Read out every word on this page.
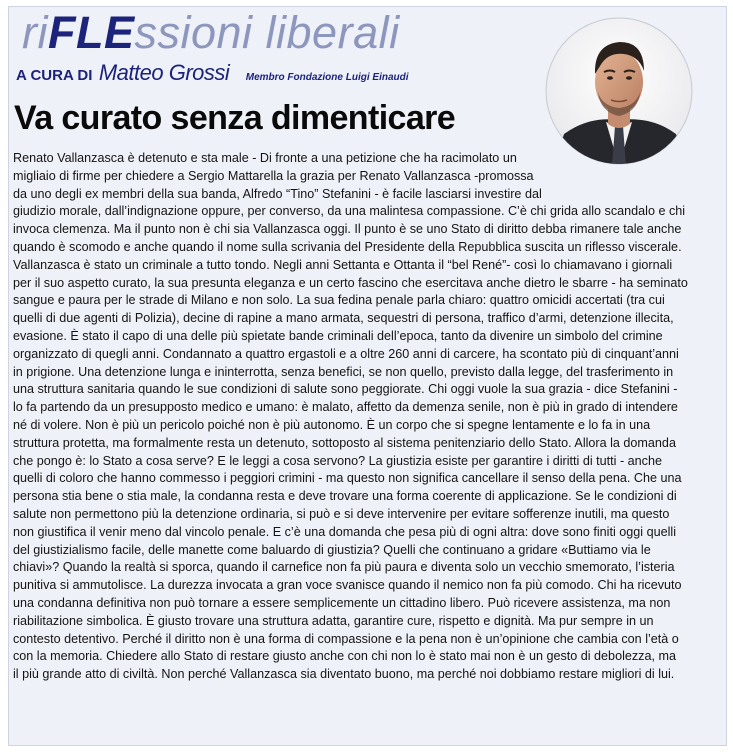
riFLEssioni liberali
A CURA DI Matteo Grossi Membro Fondazione Luigi Einaudi
Va curato senza dimenticare
Renato Vallanzasca è detenuto e sta male - Di fronte a una petizione che ha racimolato un
migliaio di firme per chiedere a Sergio Mattarella la grazia per Renato Vallanzasca -promossa
da uno degli ex membri della sua banda, Alfredo “Tino” Stefanini - è facile lasciarsi investire dal
giudizio morale, dall’indignazione oppure, per converso, da una malintesa compassione. C’è chi grida allo scandalo e chi
invoca clemenza. Ma il punto non è chi sia Vallanzasca oggi. Il punto è se uno Stato di diritto debba rimanere tale anche
quando è scomodo e anche quando il nome sulla scrivania del Presidente della Repubblica suscita un riflesso viscerale.
Vallanzasca è stato un criminale a tutto tondo. Negli anni Settanta e Ottanta il “bel René”- così lo chiamavano i giornali
per il suo aspetto curato, la sua presunta eleganza e un certo fascino che esercitava anche dietro le sbarre - ha seminato
sangue e paura per le strade di Milano e non solo. La sua fedina penale parla chiaro: quattro omicidi accertati (tra cui
quelli di due agenti di Polizia), decine di rapine a mano armata, sequestri di persona, traffico d’armi, detenzione illecita,
evasione. È stato il capo di una delle più spietate bande criminali dell’epoca, tanto da divenire un simbolo del crimine
organizzato di quegli anni. Condannato a quattro ergastoli e a oltre 260 anni di carcere, ha scontato più di cinquant’anni
in prigione. Una detenzione lunga e ininterrotta, senza benefici, se non quello, previsto dalla legge, del trasferimento in
una struttura sanitaria quando le sue condizioni di salute sono peggiorate. Chi oggi vuole la sua grazia - dice Stefanini -
lo fa partendo da un presupposto medico e umano: è malato, affetto da demenza senile, non è più in grado di intendere
né di volere. Non è più un pericolo poiché non è più autonomo. È un corpo che si spegne lentamente e lo fa in una
struttura protetta, ma formalmente resta un detenuto, sottoposto al sistema penitenziario dello Stato. Allora la domanda
che pongo è: lo Stato a cosa serve? E le leggi a cosa servono? La giustizia esiste per garantire i diritti di tutti - anche
quelli di coloro che hanno commesso i peggiori crimini - ma questo non significa cancellare il senso della pena. Che una
persona stia bene o stia male, la condanna resta e deve trovare una forma coerente di applicazione. Se le condizioni di
salute non permettono più la detenzione ordinaria, si può e si deve intervenire per evitare sofferenze inutili, ma questo
non giustifica il venir meno dal vincolo penale. E c’è una domanda che pesa più di ogni altra: dove sono finiti oggi quelli
del giustizialismo facile, delle manette come baluardo di giustizia? Quelli che continuano a gridare «Buttiamo via le
chiavi»? Quando la realtà si sporca, quando il carnefice non fa più paura e diventa solo un vecchio smemorato, l’isteria
punitiva si ammutolisce. La durezza invocata a gran voce svanisce quando il nemico non fa più comodo. Chi ha ricevuto
una condanna definitiva non può tornare a essere semplicemente un cittadino libero. Può ricevere assistenza, ma non
riabilitazione simbolica. È giusto trovare una struttura adatta, garantire cure, rispetto e dignità. Ma pur sempre in un
contesto detentivo. Perché il diritto non è una forma di compassione e la pena non è un’opinione che cambia con l’età o
con la memoria. Chiedere allo Stato di restare giusto anche con chi non lo è stato mai non è un gesto di debolezza, ma
il più grande atto di civiltà. Non perché Vallanzasca sia diventato buono, ma perché noi dobbiamo restare migliori di lui.
